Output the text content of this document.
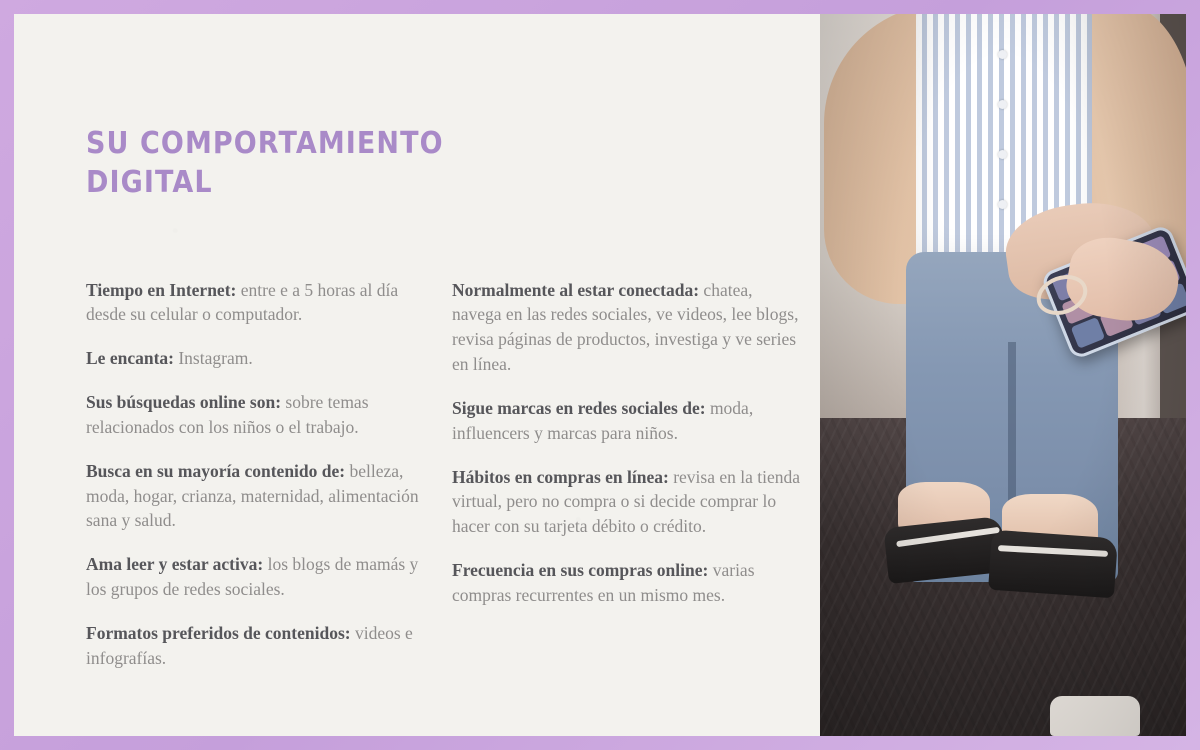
SU COMPORTAMIENTO
DIGITAL

Tiempo en Internet: entre e a 5 horas al día desde su celular o computador.

Le encanta: Instagram.

Sus búsquedas online son: sobre temas relacionados con los niños o el trabajo.

Busca en su mayoría contenido de: belleza, moda, hogar, crianza, maternidad, alimentación sana y salud.

Ama leer y estar activa: los blogs de mamás y los grupos de redes sociales.

Formatos preferidos de contenidos: videos e infografías.

Normalmente al estar conectada: chatea, navega en las redes sociales, ve videos, lee blogs, revisa páginas de productos, investiga y ve series en línea.

Sigue marcas en redes sociales de: moda, influencers y marcas para niños.

Hábitos en compras en línea: revisa en la tienda virtual, pero no compra o si decide comprar lo hacer con su tarjeta débito o crédito.

Frecuencia en sus compras online: varias compras recurrentes en un mismo mes.
